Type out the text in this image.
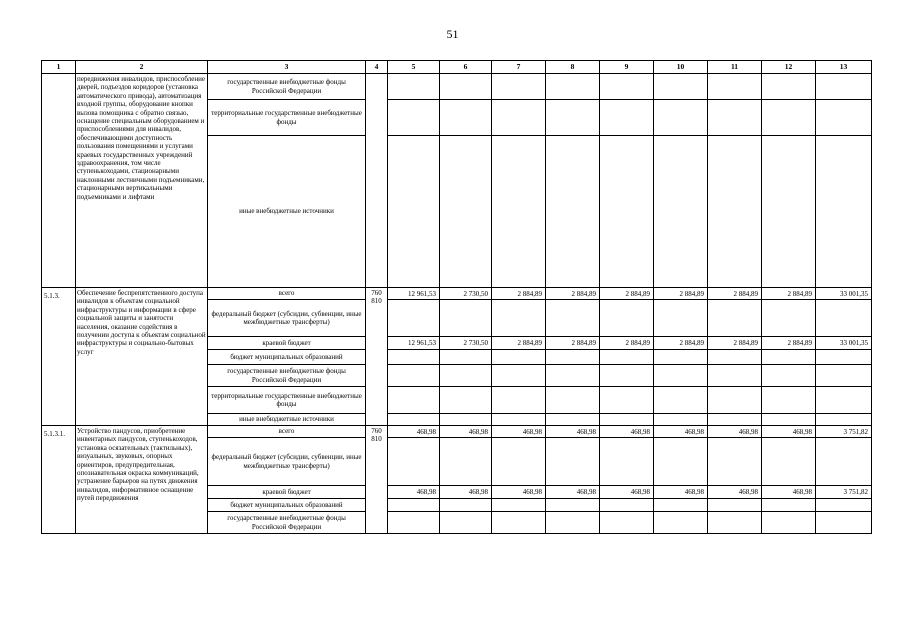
51
1	2	3	4	5	6	7	8	9	10	11	12	13
	передвижения инвалидов, приспособление дверей, подъездов коридоров (установка автоматического привода), автоматизация входной группы, оборудование кнопки вызова помощника с обратно связью, оснащение специальным оборудованием и приспособлениями для инвалидов, обеспечивающими доступность пользования помещениями и услугами краевых государственных учреждений здравоохранения, том числе ступенькоходами, стационарными наклонными лестничными подъемниками, стационарными вертикальными подъемниками и лифтами	государственные внебюджетные фонды Российской Федерации										
		территориальные государственные внебюджетные фонды										
		иные внебюджетные источники										
5.1.3.	Обеспечение беспрепятственного доступа инвалидов к объектам социальной инфраструктуры и информации в сфере социальной защиты и занятости населения, оказание содействия в получении доступа к объектам социальной инфраструктуры и социально-бытовых услуг	всего	760 810	12 961,53	2 730,50	2 884,89	2 884,89	2 884,89	2 884,89	2 884,89	2 884,89	33 001,35
		федеральный бюджет (субсидии, субвенции, иные межбюджетные трансферты)										
		краевой бюджет		12 961,53	2 730,50	2 884,89	2 884,89	2 884,89	2 884,89	2 884,89	2 884,89	33 001,35
		бюджет муниципальных образований										
		государственные внебюджетные фонды Российской Федерации										
		территориальные государственные внебюджетные фонды										
		иные внебюджетные источники										
5.1.3.1.	Устройство пандусов, приобретение инвентарных пандусов, ступенькоходов, установка осязательных (тактильных), визуальных, звуковых, опорных ориентиров, предупредительная, опознавательная окраска коммуникаций, устранение барьеров на путях движения инвалидов, информативное оснащение путей передвижения	всего	760 810	468,98	468,98	468,98	468,98	468,98	468,98	468,98	468,98	3 751,82
		федеральный бюджет (субсидии, субвенции, иные межбюджетные трансферты)										
		краевой бюджет		468,98	468,98	468,98	468,98	468,98	468,98	468,98	468,98	3 751,82
		бюджет муниципальных образований										
		государственные внебюджетные фонды Российской Федерации										
